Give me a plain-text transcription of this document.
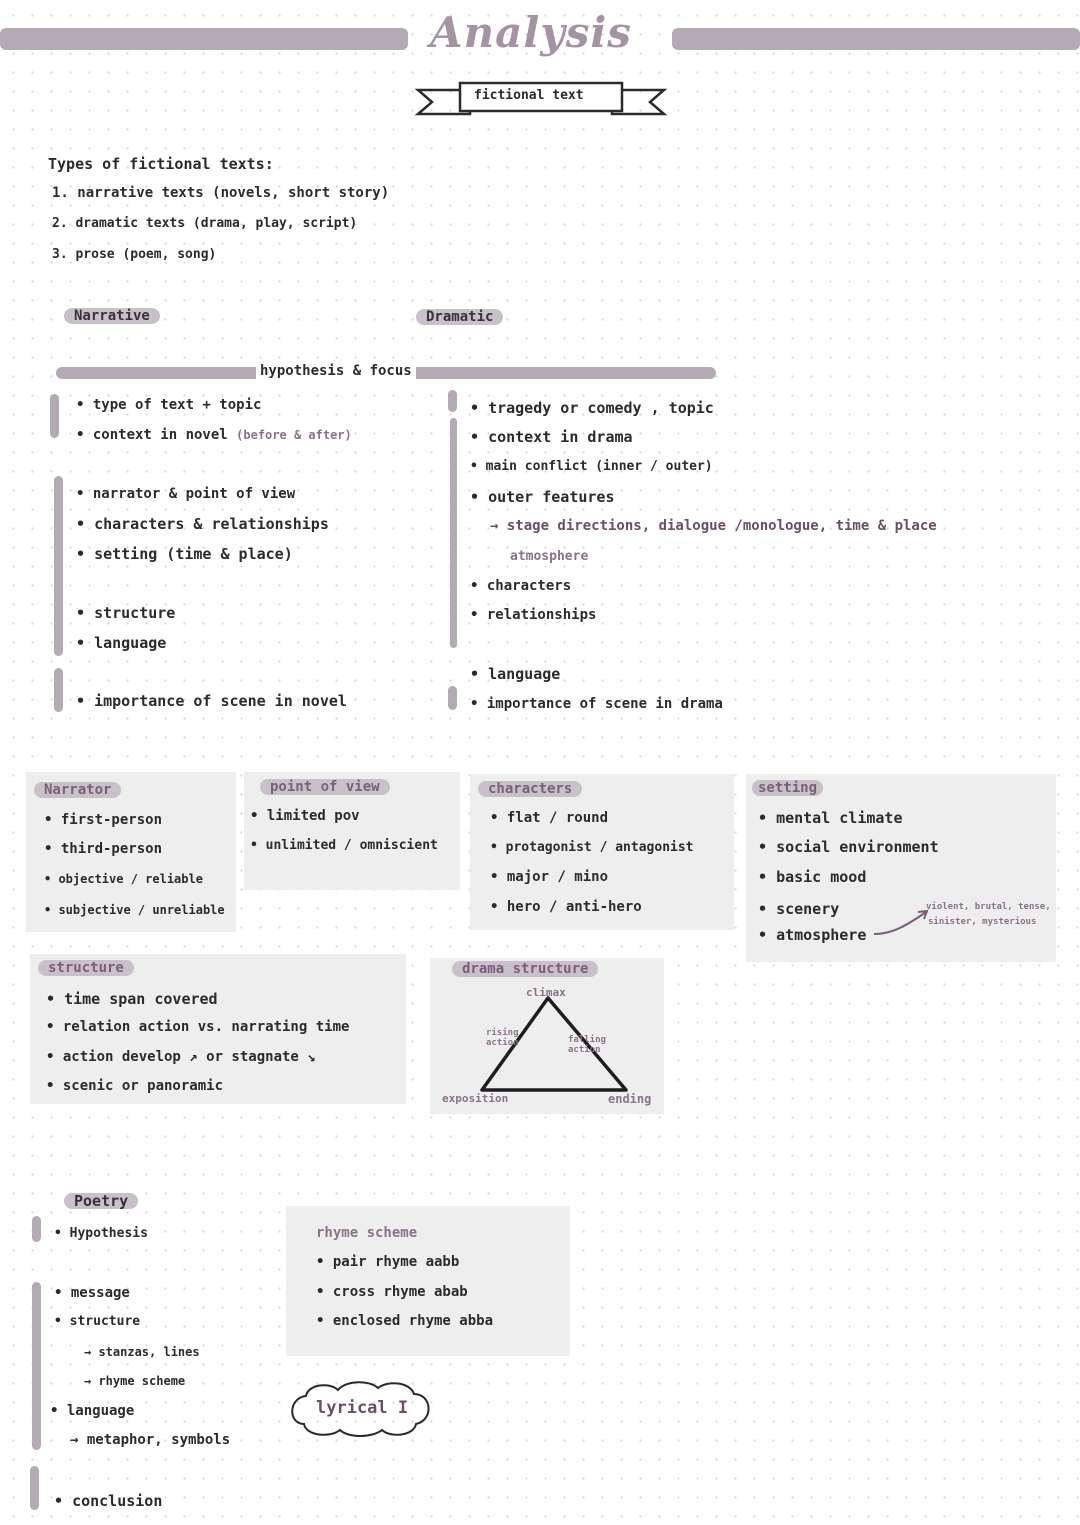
Analysis
fictional text
Types of fictional texts:
1. narrative texts (novels, short story)
2. dramatic texts (drama, play, script)
3. prose (poem, song)
Narrative	Dramatic
hypothesis & focus
• type of text + topic
• context in novel (before & after)
• narrator & point of view
• characters & relationships
• setting (time & place)
• structure
• language
• importance of scene in novel
• tragedy or comedy , topic
• context in drama
• main conflict (inner / outer)
• outer features
→ stage directions, dialogue /monologue, time & place
atmosphere
• characters
• relationships
• language
• importance of scene in drama
Narrator
• first-person
• third-person
• objective / reliable
• subjective / unreliable
point of view
• limited pov
• unlimited / omniscient
characters
• flat / round
• protagonist / antagonist
• major / mino
• hero / anti-hero
setting
• mental climate
• social environment
• basic mood
• scenery
• atmosphere
violent, brutal, tense,
sinister, mysterious
structure
• time span covered
• relation action vs. narrating time
• action develop ↗ or stagnate ↘
• scenic or panoramic
drama structure
climax
rising action	falling action
exposition	ending
Poetry
• Hypothesis
• message
• structure
→ stanzas, lines
→ rhyme scheme
• language
→ metaphor, symbols
• conclusion
rhyme scheme
• pair rhyme aabb
• cross rhyme abab
• enclosed rhyme abba
lyrical I
